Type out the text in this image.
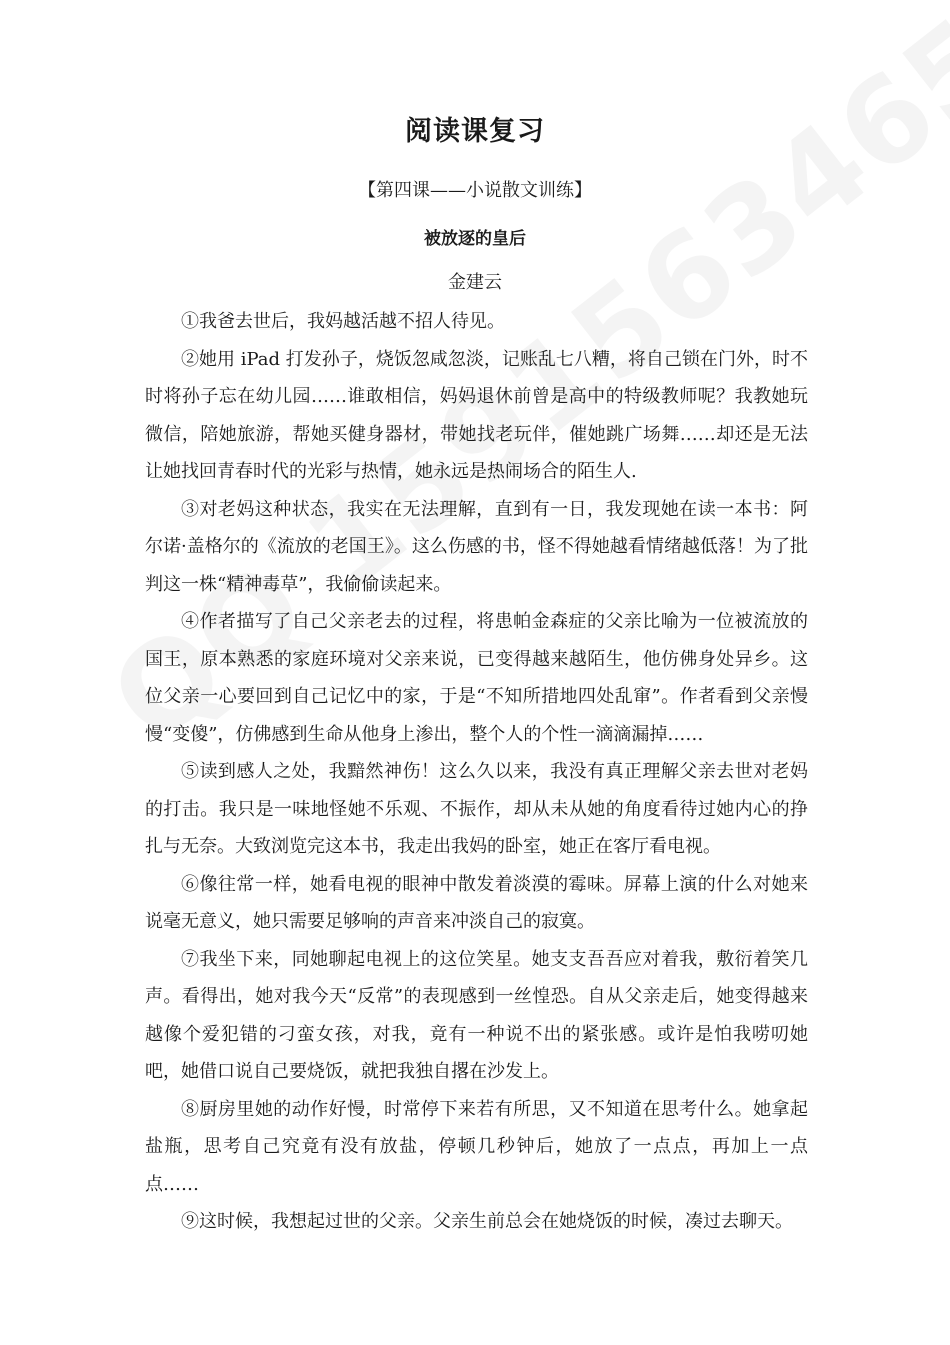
阅读课复习
【第四课——小说散文训练】
被放逐的皇后
金建云

①我爸去世后，我妈越活越不招人待见。

②她用 iPad 打发孙子，烧饭忽咸忽淡，记账乱七八糟，将自己锁在门外，时不时将孙子忘在幼儿园……谁敢相信，妈妈退休前曾是高中的特级教师呢？我教她玩微信，陪她旅游，帮她买健身器材，带她找老玩伴，催她跳广场舞……却还是无法让她找回青春时代的光彩与热情，她永远是热闹场合的陌生人.

③对老妈这种状态，我实在无法理解，直到有一日，我发现她在读一本书：阿尔诺·盖格尔的《流放的老国王》。这么伤感的书，怪不得她越看情绪越低落！为了批判这一株“精神毒草”，我偷偷读起来。

④作者描写了自己父亲老去的过程，将患帕金森症的父亲比喻为一位被流放的国王，原本熟悉的家庭环境对父亲来说，已变得越来越陌生，他仿佛身处异乡。这位父亲一心要回到自己记忆中的家，于是“不知所措地四处乱窜”。作者看到父亲慢慢“变傻”，仿佛感到生命从他身上渗出，整个人的个性一滴滴漏掉……

⑤读到感人之处，我黯然神伤！这么久以来，我没有真正理解父亲去世对老妈的打击。我只是一味地怪她不乐观、不振作，却从未从她的角度看待过她内心的挣扎与无奈。大致浏览完这本书，我走出我妈的卧室，她正在客厅看电视。

⑥像往常一样，她看电视的眼神中散发着淡漠的霉味。屏幕上演的什么对她来说毫无意义，她只需要足够响的声音来冲淡自己的寂寞。

⑦我坐下来，同她聊起电视上的这位笑星。她支支吾吾应对着我，敷衍着笑几声。看得出，她对我今天“反常”的表现感到一丝惶恐。自从父亲走后，她变得越来越像个爱犯错的刁蛮女孩，对我，竟有一种说不出的紧张感。或许是怕我唠叨她吧，她借口说自己要烧饭，就把我独自撂在沙发上。

⑧厨房里她的动作好慢，时常停下来若有所思，又不知道在思考什么。她拿起盐瓶，思考自己究竟有没有放盐，停顿几秒钟后，她放了一点点，再加上一点点……

⑨这时候，我想起过世的父亲。父亲生前总会在她烧饭的时候，凑过去聊天。
